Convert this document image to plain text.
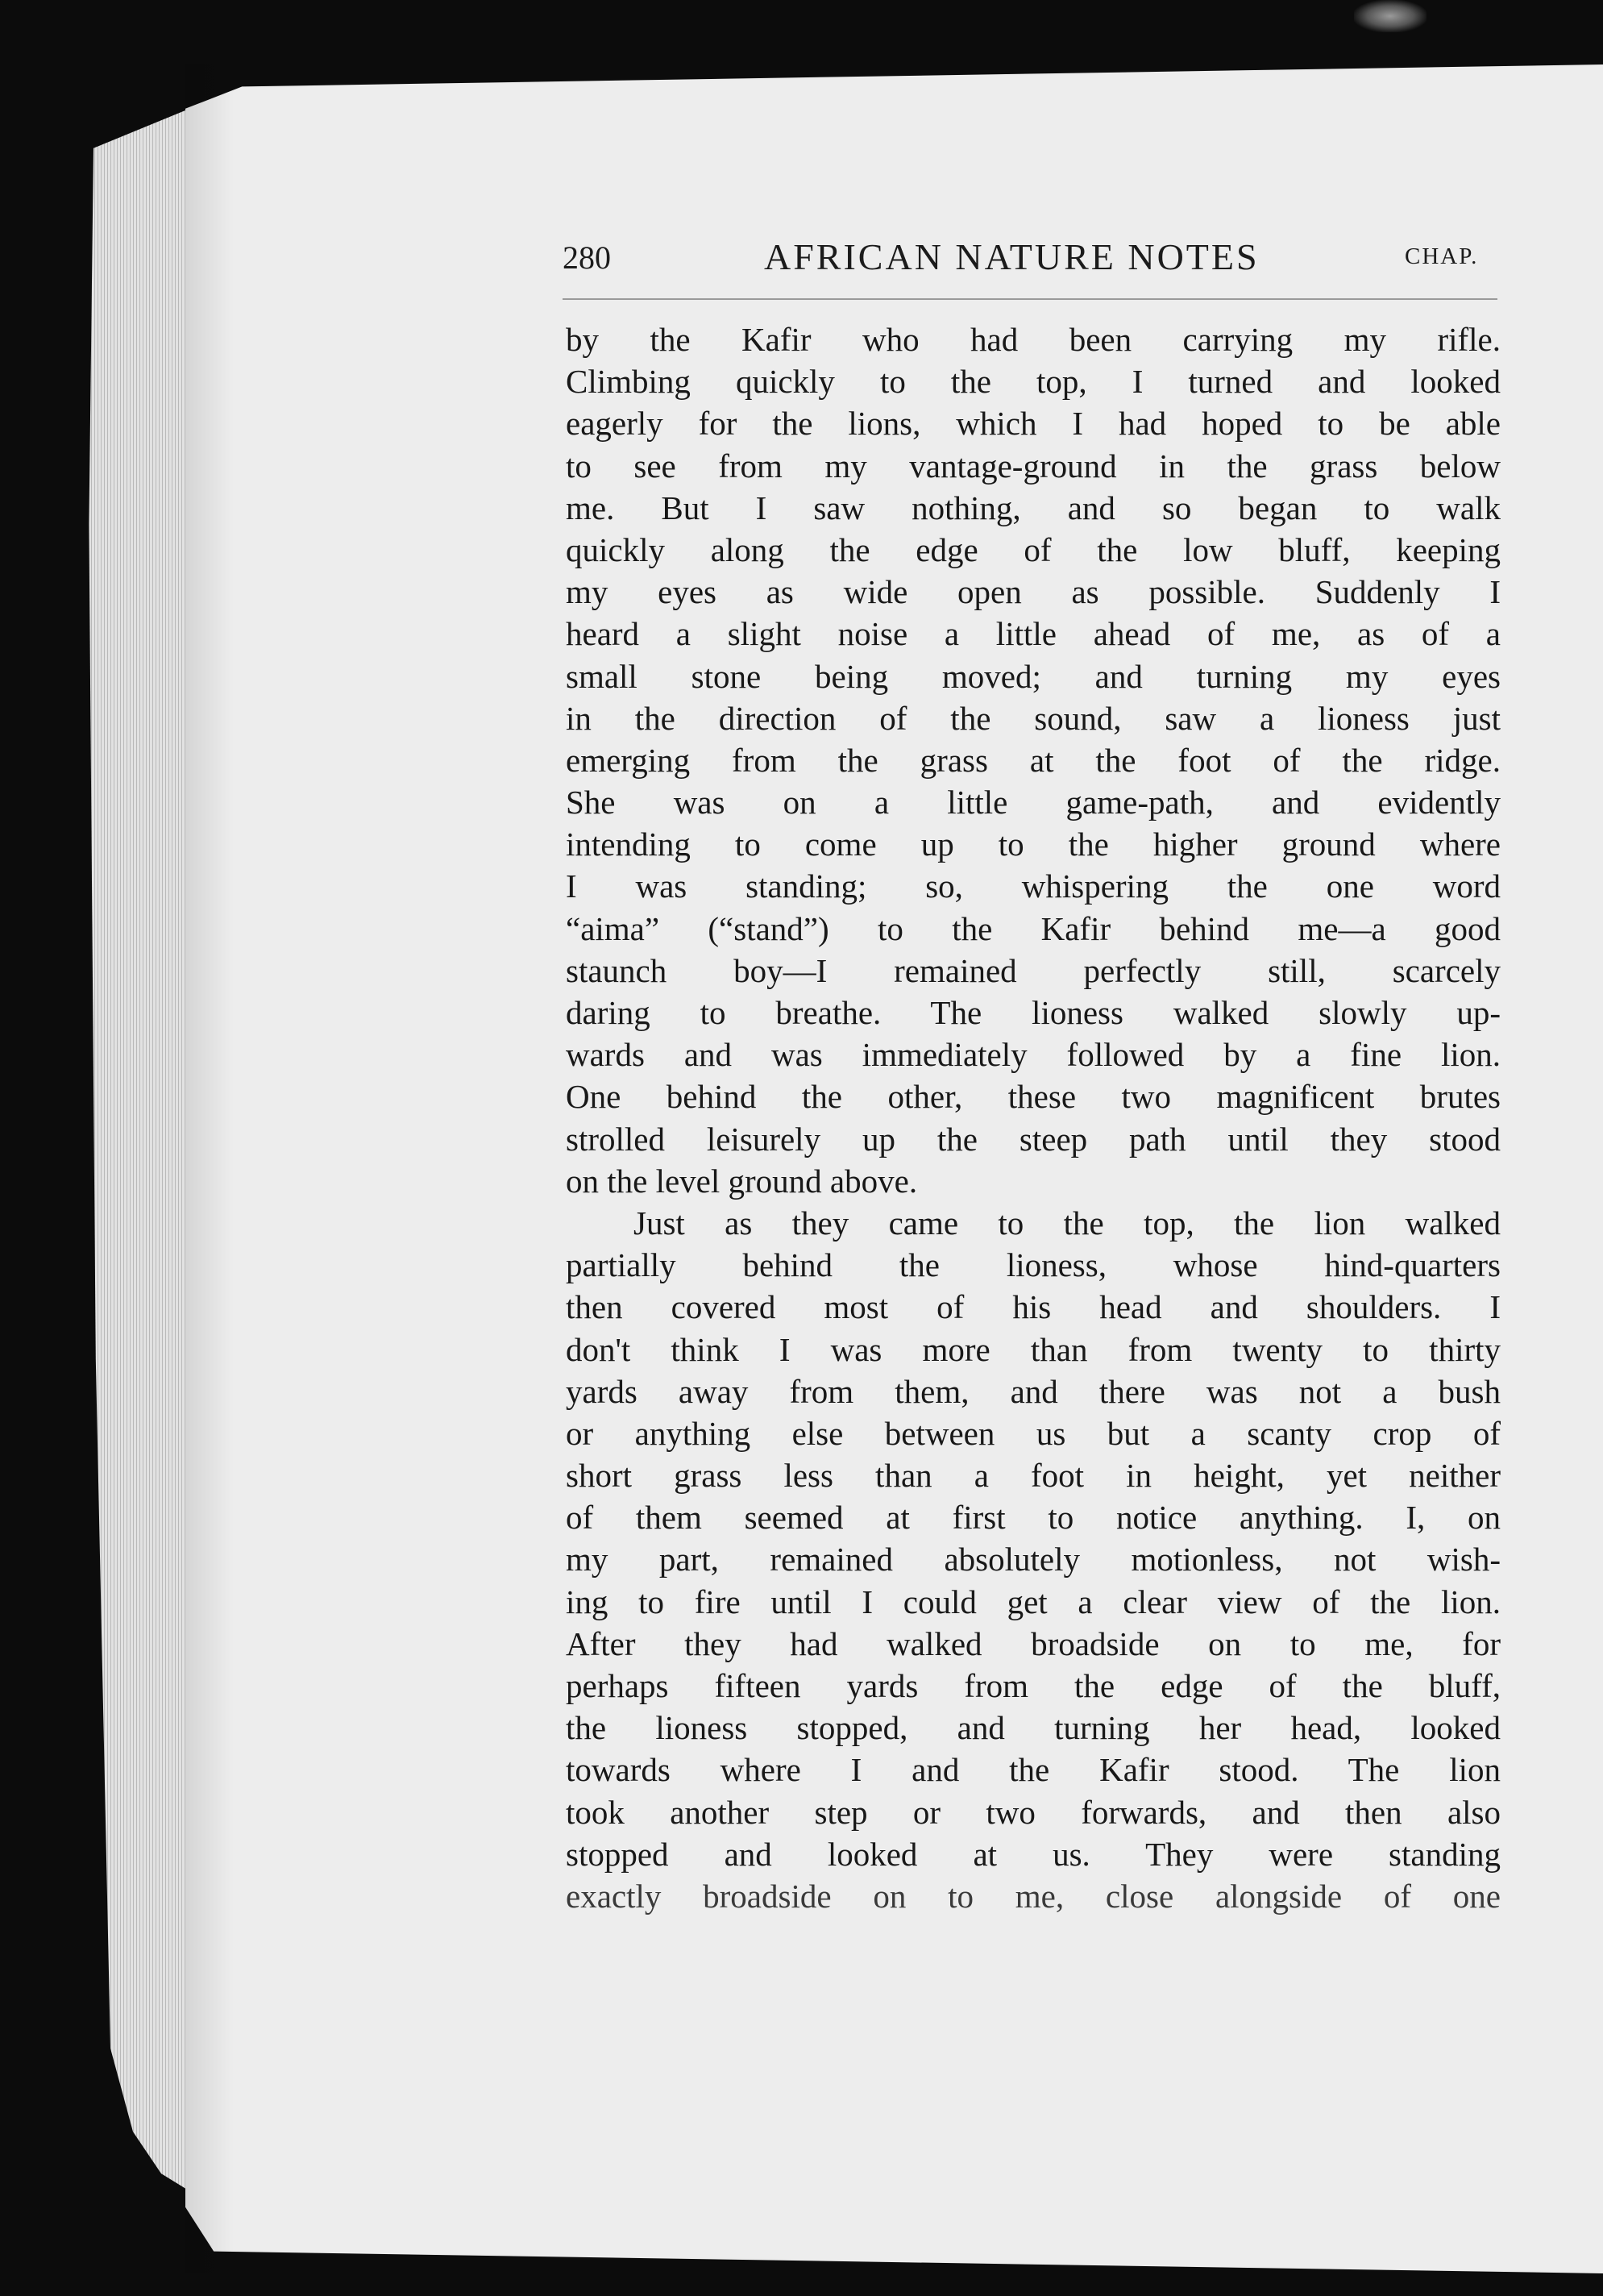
280	AFRICAN NATURE NOTES	CHAP.
by the Kafir who had been carrying my rifle.
Climbing quickly to the top, I turned and looked
eagerly for the lions, which I had hoped to be able
to see from my vantage-ground in the grass below
me. But I saw nothing, and so began to walk
quickly along the edge of the low bluff, keeping
my eyes as wide open as possible. Suddenly I
heard a slight noise a little ahead of me, as of a
small stone being moved; and turning my eyes
in the direction of the sound, saw a lioness just
emerging from the grass at the foot of the ridge.
She was on a little game-path, and evidently
intending to come up to the higher ground where
I was standing; so, whispering the one word
“aima” (“stand”) to the Kafir behind me—a good
staunch boy—I remained perfectly still, scarcely
daring to breathe. The lioness walked slowly up-
wards and was immediately followed by a fine lion.
One behind the other, these two magnificent brutes
strolled leisurely up the steep path until they stood
on the level ground above.
Just as they came to the top, the lion walked
partially behind the lioness, whose hind-quarters
then covered most of his head and shoulders. I
don't think I was more than from twenty to thirty
yards away from them, and there was not a bush
or anything else between us but a scanty crop of
short grass less than a foot in height, yet neither
of them seemed at first to notice anything. I, on
my part, remained absolutely motionless, not wish-
ing to fire until I could get a clear view of the lion.
After they had walked broadside on to me, for
perhaps fifteen yards from the edge of the bluff,
the lioness stopped, and turning her head, looked
towards where I and the Kafir stood. The lion
took another step or two forwards, and then also
stopped and looked at us. They were standing
exactly broadside on to me, close alongside of one
